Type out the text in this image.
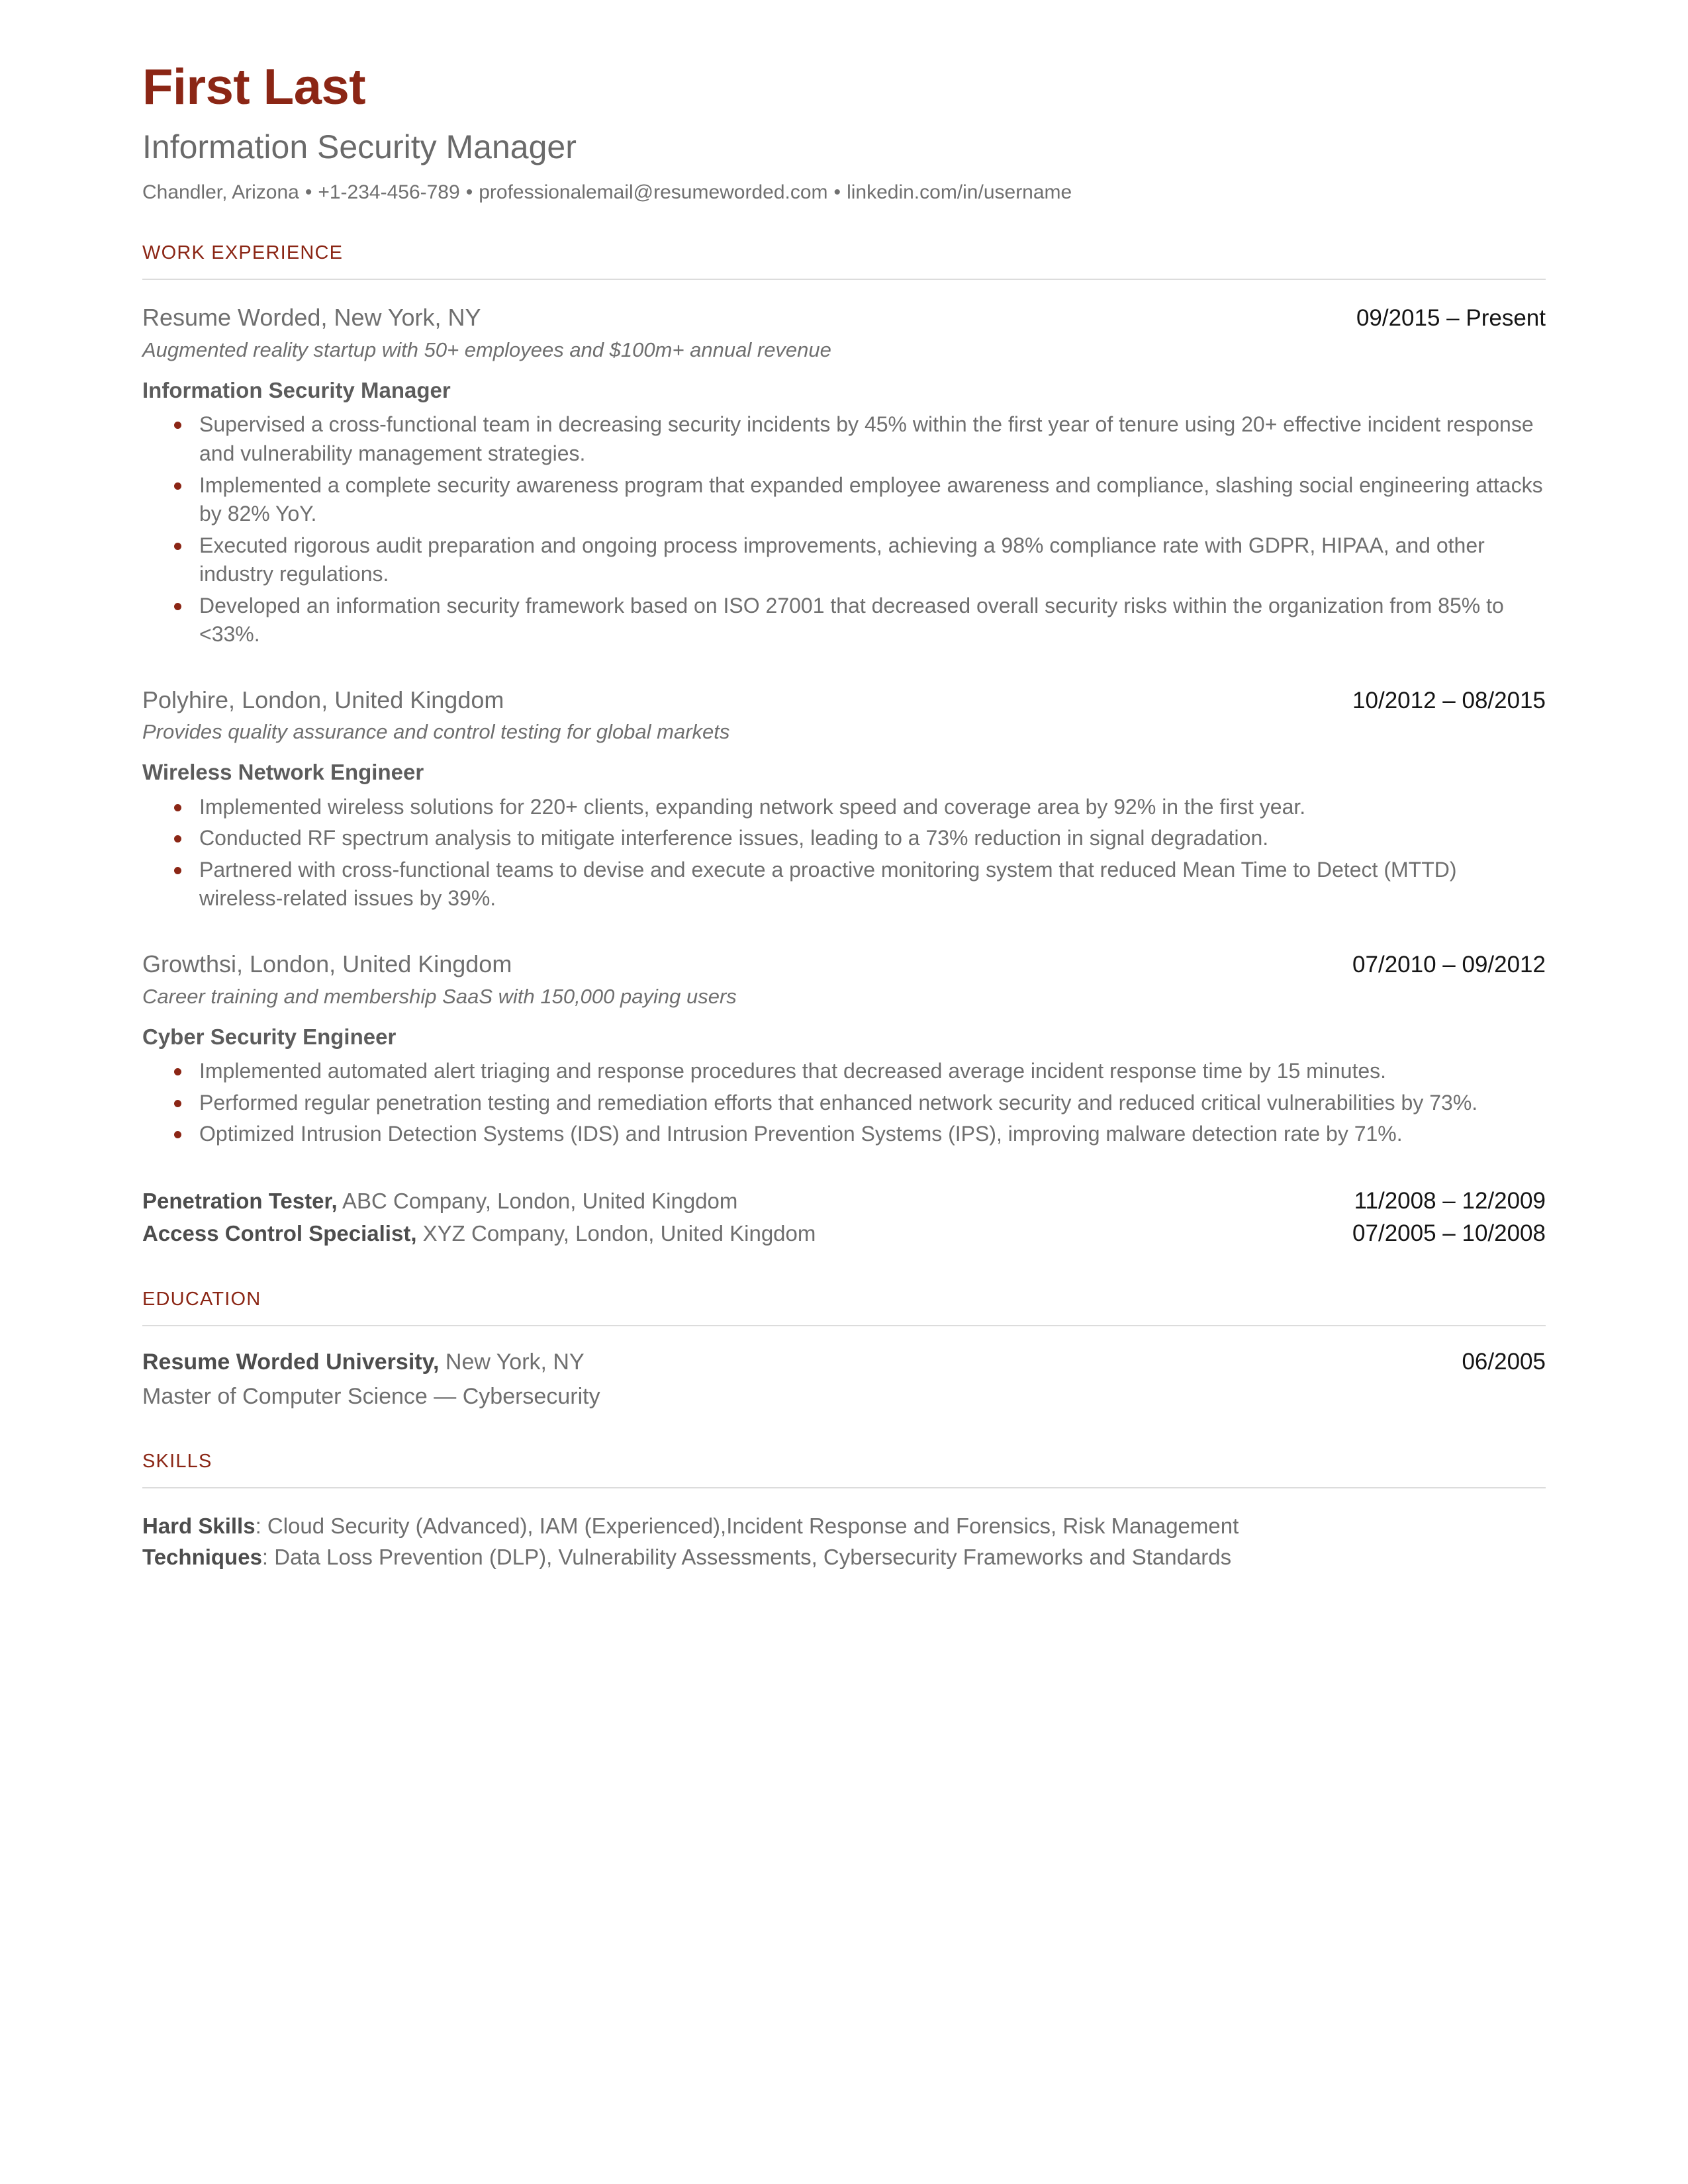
First Last
Information Security Manager
Chandler, Arizona • +1-234-456-789 • professionalemail@resumeworded.com • linkedin.com/in/username
WORK EXPERIENCE
Resume Worded, New York, NY	09/2015 – Present
Augmented reality startup with 50+ employees and $100m+ annual revenue
Information Security Manager
Supervised a cross-functional team in decreasing security incidents by 45% within the first year of tenure using 20+ effective incident response and vulnerability management strategies.
Implemented a complete security awareness program that expanded employee awareness and compliance, slashing social engineering attacks by 82% YoY.
Executed rigorous audit preparation and ongoing process improvements, achieving a 98% compliance rate with GDPR, HIPAA, and other industry regulations.
Developed an information security framework based on ISO 27001 that decreased overall security risks within the organization from 85% to <33%.
Polyhire, London, United Kingdom	10/2012 – 08/2015
Provides quality assurance and control testing for global markets
Wireless Network Engineer
Implemented wireless solutions for 220+ clients, expanding network speed and coverage area by 92% in the first year.
Conducted RF spectrum analysis to mitigate interference issues, leading to a 73% reduction in signal degradation.
Partnered with cross-functional teams to devise and execute a proactive monitoring system that reduced Mean Time to Detect (MTTD) wireless-related issues by 39%.
Growthsi, London, United Kingdom	07/2010 – 09/2012
Career training and membership SaaS with 150,000 paying users
Cyber Security Engineer
Implemented automated alert triaging and response procedures that decreased average incident response time by 15 minutes.
Performed regular penetration testing and remediation efforts that enhanced network security and reduced critical vulnerabilities by 73%.
Optimized Intrusion Detection Systems (IDS) and Intrusion Prevention Systems (IPS), improving malware detection rate by 71%.
Penetration Tester, ABC Company, London, United Kingdom	11/2008 – 12/2009
Access Control Specialist, XYZ Company, London, United Kingdom	07/2005 – 10/2008
EDUCATION
Resume Worded University, New York, NY	06/2005
Master of Computer Science — Cybersecurity
SKILLS
Hard Skills: Cloud Security (Advanced), IAM (Experienced),Incident Response and Forensics, Risk Management
Techniques: Data Loss Prevention (DLP), Vulnerability Assessments, Cybersecurity Frameworks and Standards
